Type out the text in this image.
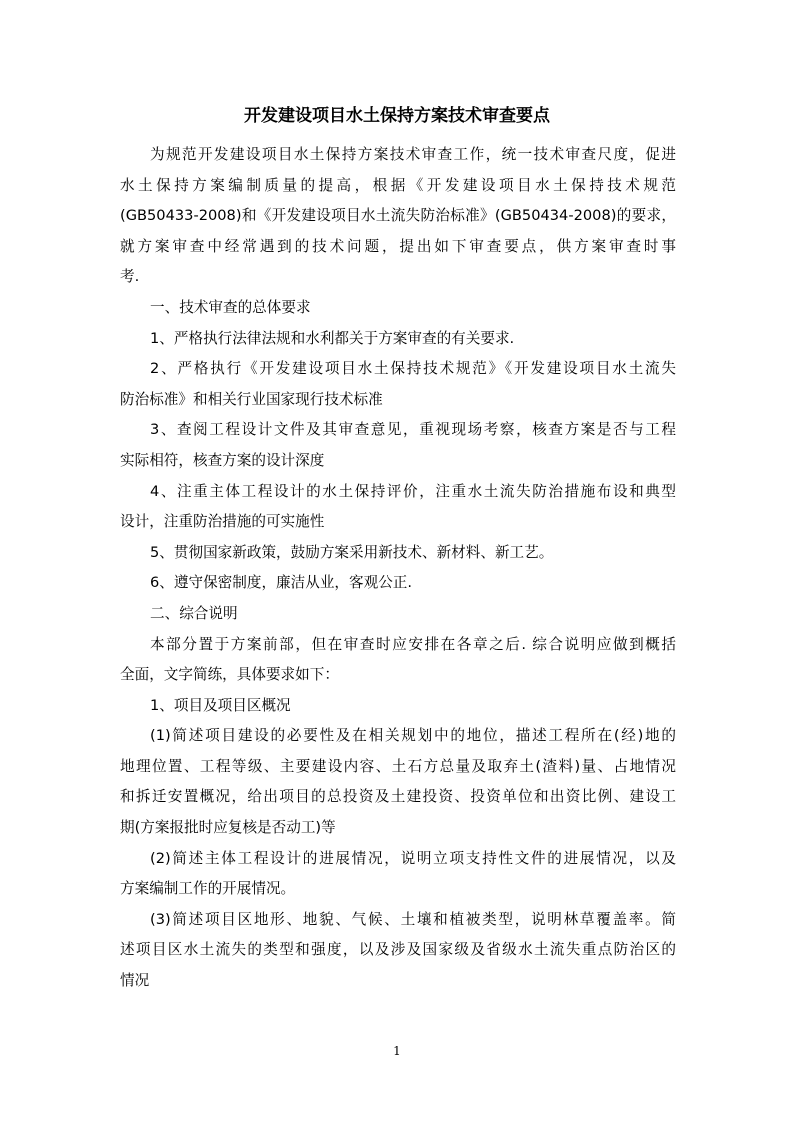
开发建设项目水土保持方案技术审查要点
为规范开发建设项目水土保持方案技术审查工作，统一技术审查尺度，促进
水土保持方案编制质量的提高，根据《开发建设项目水土保持技术规范
(GB50433-2008)和《开发建设项目水土流失防治标准》(GB50434-2008)的要求，
就方案审查中经常遇到的技术问题，提出如下审查要点，供方案审查时事
考.
一、技术审查的总体要求
1、严格执行法律法规和水利都关于方案审查的有关要求.
2、严格执行《开发建设项目水土保持技术规范》《开发建设项目水土流失
防治标准》和相关行业国家现行技术标准
3、查阅工程设计文件及其审查意见，重视现场考察，核查方案是否与工程
实际相符，核查方案的设计深度
4、注重主体工程设计的水土保持评价，注重水土流失防治措施布设和典型
设计，注重防治措施的可实施性
5、贯彻国家新政策，鼓励方案采用新技术、新材料、新工艺。
6、遵守保密制度，廉洁从业，客观公正.
二、综合说明
本部分置于方案前部，但在审查时应安排在各章之后. 综合说明应做到概括
全面，文字简练，具体要求如下：
1、项目及项目区概况
(1)简述项目建设的必要性及在相关规划中的地位，描述工程所在(经)地的
地理位置、工程等级、主要建设内容、土石方总量及取弃土(渣料)量、占地情况
和拆迁安置概况，给出项目的总投资及土建投资、投资单位和出资比例、建设工
期(方案报批时应复核是否动工)等
(2)简述主体工程设计的进展情况，说明立项支持性文件的进展情况，以及
方案编制工作的开展情况。
(3)简述项目区地形、地貌、气候、土壤和植被类型，说明林草覆盖率。简
述项目区水土流失的类型和强度，以及涉及国家级及省级水土流失重点防治区的
情况
1
